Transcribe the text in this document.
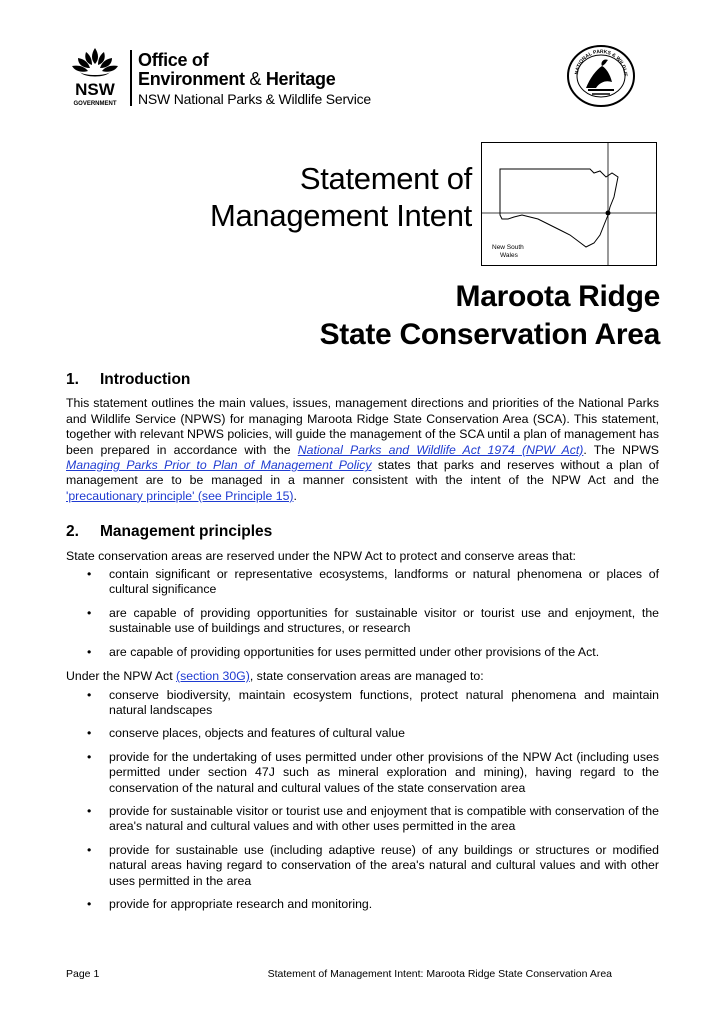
NSW
GOVERNMENT
Office of
Environment & Heritage
NSW National Parks & Wildlife Service
NATIONAL PARKS & WILDLIF
Statement of
Management Intent
New South
Wales
Maroota Ridge
State Conservation Area
1.	Introduction

This statement outlines the main values, issues, management directions and priorities of the National Parks and Wildlife Service (NPWS) for managing Maroota Ridge State Conservation Area (SCA). This statement, together with relevant NPWS policies, will guide the management of the SCA until a plan of management has been prepared in accordance with the National Parks and Wildlife Act 1974 (NPW Act). The NPWS Managing Parks Prior to Plan of Management Policy states that parks and reserves without a plan of management are to be managed in a manner consistent with the intent of the NPW Act and the 'precautionary principle' (see Principle 15).

2.	Management principles

State conservation areas are reserved under the NPW Act to protect and conserve areas that:

• contain significant or representative ecosystems, landforms or natural phenomena or places of cultural significance
• are capable of providing opportunities for sustainable visitor or tourist use and enjoyment, the sustainable use of buildings and structures, or research
• are capable of providing opportunities for uses permitted under other provisions of the Act.

Under the NPW Act (section 30G), state conservation areas are managed to:

• conserve biodiversity, maintain ecosystem functions, protect natural phenomena and maintain natural landscapes
• conserve places, objects and features of cultural value
• provide for the undertaking of uses permitted under other provisions of the NPW Act (including uses permitted under section 47J such as mineral exploration and mining), having regard to the conservation of the natural and cultural values of the state conservation area
• provide for sustainable visitor or tourist use and enjoyment that is compatible with conservation of the area's natural and cultural values and with other uses permitted in the area
• provide for sustainable use (including adaptive reuse) of any buildings or structures or modified natural areas having regard to conservation of the area's natural and cultural values and with other uses permitted in the area
• provide for appropriate research and monitoring.
Page 1	Statement of Management Intent: Maroota Ridge State Conservation Area
